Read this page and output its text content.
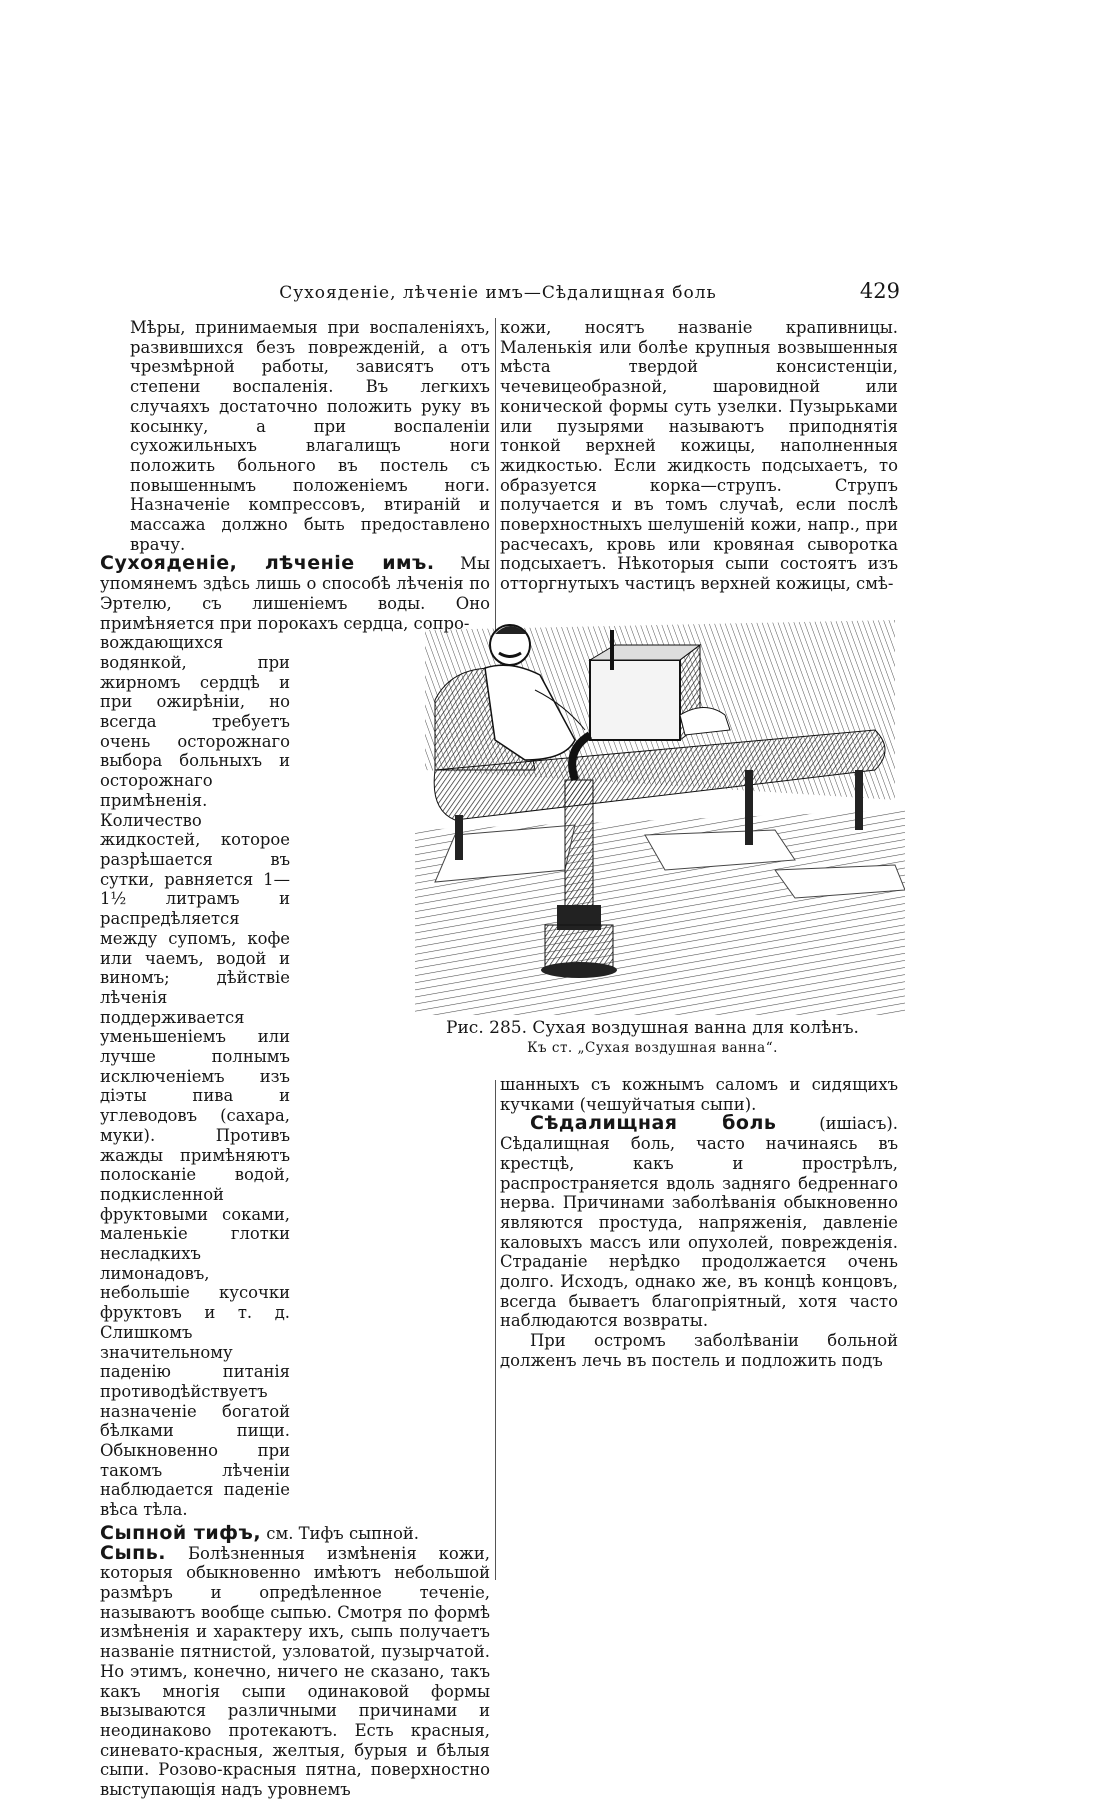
Сухояденіе, лѣченіе имъ—Сѣдалищная боль	429

Мѣры, принимаемыя при воспаленіяхъ, развившихся безъ поврежденій, а отъ чрезмѣрной работы, зависятъ отъ степени воспаленія. Въ легкихъ случаяхъ достаточно положить руку въ косынку, а при воспаленіи сухожильныхъ влагалищъ ноги положить больного въ постель съ повышеннымъ положеніемъ ноги. Назначеніе компрессовъ, втираній и массажа должно быть предоставлено врачу.

Сухояденіе, лѣченіе имъ. Мы упомянемъ здѣсь лишь о способѣ лѣченія по Эртелю, съ лишеніемъ воды. Оно примѣняется при порокахъ сердца, сопро-

вождающихся водянкой, при жирномъ сердцѣ и при ожирѣніи, но всегда требуетъ очень осторожнаго выбора больныхъ и осторожнаго примѣненія. Количество жидкостей, которое разрѣшается въ сутки, равняется 1—1½ литрамъ и распредѣляется между супомъ, кофе или чаемъ, водой и виномъ; дѣйствіе лѣченія поддерживается уменьшеніемъ или лучше полнымъ исключеніемъ изъ діэты пива и углеводовъ (сахара, муки). Противъ жажды примѣняютъ полосканіе водой, подкисленной фруктовыми соками, маленькіе глотки несладкихъ лимонадовъ, небольшіе кусочки фруктовъ и т. д. Слишкомъ значительному паденію питанія противодѣйствуетъ назначеніе богатой бѣлками пищи. Обыкновенно при такомъ лѣченіи наблюдается паденіе вѣса тѣла.

Сыпной тифъ, см. Тифъ сыпной.

Сыпь. Болѣзненныя измѣненія кожи, которыя обыкновенно имѣютъ небольшой размѣръ и опредѣленное теченіе, называютъ вообще сыпью. Смотря по формѣ измѣненія и характеру ихъ, сыпь получаетъ названіе пятнистой, узловатой, пузырчатой. Но этимъ, конечно, ничего не сказано, такъ какъ многія сыпи одинаковой формы вызываются различными причинами и неодинаково протекаютъ. Есть красныя, синевато-красныя, желтыя, бурыя и бѣлыя сыпи. Розово-красныя пятна, поверхностно выступающія надъ уровнемъ

кожи, носятъ названіе крапивницы. Маленькія или болѣе крупныя возвышенныя мѣста твердой консистенціи, чечевицеобразной, шаровидной или конической формы суть узелки. Пузырьками или пузырями называютъ приподнятія тонкой верхней кожицы, наполненныя жидкостью. Если жидкость подсыхаетъ, то образуется корка—струпъ. Струпъ получается и въ томъ случаѣ, если послѣ поверхностныхъ шелушеній кожи, напр., при расчесахъ, кровь или кровяная сыворотка подсыхаетъ. Нѣкоторыя сыпи состоятъ изъ отторгнутыхъ частицъ верхней кожицы, смѣ-

Рис. 285. Сухая воздушная ванна для колѣнъ.
Къ ст. „Сухая воздушная ванна“.

шанныхъ съ кожнымъ саломъ и сидящихъ кучками (чешуйчатыя сыпи).

Сѣдалищная боль	(ишіасъ). Сѣдалищная боль, часто начинаясь въ крестцѣ, какъ и прострѣлъ, распространяется вдоль задняго бедреннаго нерва. Причинами заболѣванія обыкновенно являются простуда, напряженія, давленіе каловыхъ массъ или опухолей, поврежденія. Страданіе нерѣдко продолжается очень долго. Исходъ, однако же, въ концѣ концовъ, всегда бываетъ благопріятный, хотя часто наблюдаются возвраты.

При остромъ заболѣваніи больной долженъ лечь въ постель и подложить подъ
